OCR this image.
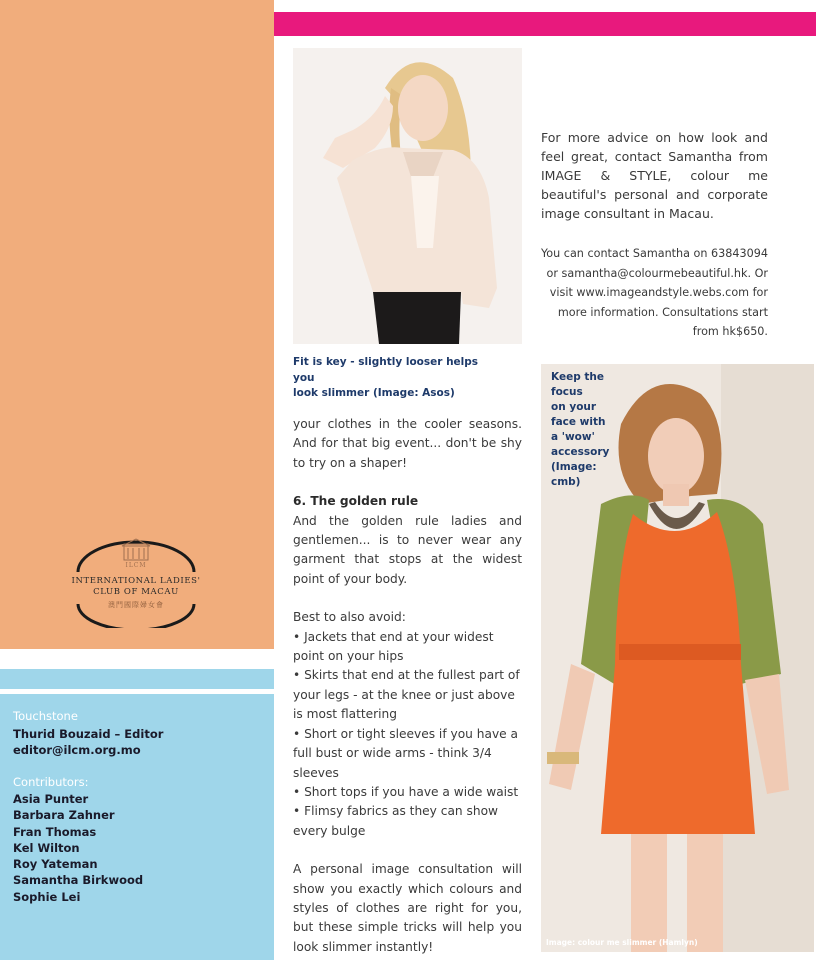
ILCM
INTERNATIONAL LADIES'
CLUB OF MACAU
澳門國際婦女會
Touchstone
Thurid Bouzaid – Editor
editor@ilcm.org.mo
Contributors:
Asia Punter
Barbara Zahner
Fran Thomas
Kel Wilton
Roy Yateman
Samantha Birkwood
Sophie Lei
Fit is key - slightly looser helps you
look slimmer (Image: Asos)
For more advice on how look and feel great, contact Samantha from IMAGE & STYLE, colour me beautiful's personal and corporate image consultant in Macau.
You can contact Samantha on 63843094
or samantha@colourmebeautiful.hk. Or
visit www.imageandstyle.webs.com for
more information. Consultations start
from hk$650.
Keep the
focus
on your
face with
a 'wow'
accessory
(Image:
cmb)
Image: colour me slimmer (Hamlyn)

your clothes in the cooler seasons. And for that big event... don't be shy to try on a shaper!

6. The golden rule

And the golden rule ladies and gentlemen... is to never wear any garment that stops at the widest point of your body.

Best to also avoid:

• Jackets that end at your widest point on your hips

• Skirts that end at the fullest part of your legs - at the knee or just above is most flattering

• Short or tight sleeves if you have a full bust or wide arms - think 3/4 sleeves

• Short tops if you have a wide waist

• Flimsy fabrics as they can show every bulge

A personal image consultation will show you exactly which colours and styles of clothes are right for you, but these simple tricks will help you look slimmer instantly!
